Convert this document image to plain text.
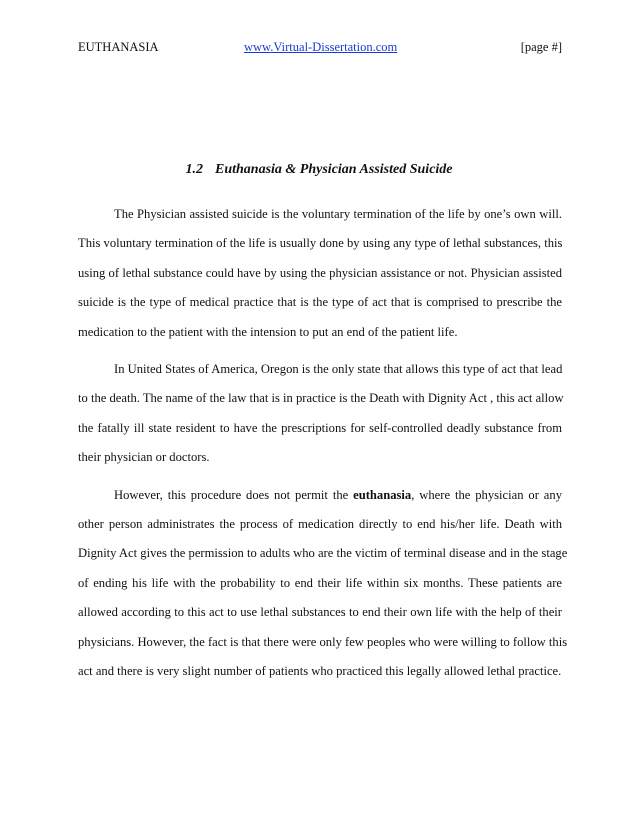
EUTHANASIA	www.Virtual-Dissertation.com	[page #]
1.2 Euthanasia & Physician Assisted Suicide
The Physician assisted suicide is the voluntary termination of the life by one’s own will.
This voluntary termination of the life is usually done by using any type of lethal substances, this
using of lethal substance could have by using the physician assistance or not. Physician assisted
suicide is the type of medical practice that is the type of act that is comprised to prescribe the
medication to the patient with the intension to put an end of the patient life.
In United States of America, Oregon is the only state that allows this type of act that lead
to the death. The name of the law that is in practice is the Death with Dignity Act , this act allow
the fatally ill state resident to have the prescriptions for self-controlled deadly substance from
their physician or doctors.
However, this procedure does not permit the euthanasia, where the physician or any
other person administrates the process of medication directly to end his/her life. Death with
Dignity Act gives the permission to adults who are the victim of terminal disease and in the stage
of ending his life with the probability to end their life within six months. These patients are
allowed according to this act to use lethal substances to end their own life with the help of their
physicians. However, the fact is that there were only few peoples who were willing to follow this
act and there is very slight number of patients who practiced this legally allowed lethal practice.
